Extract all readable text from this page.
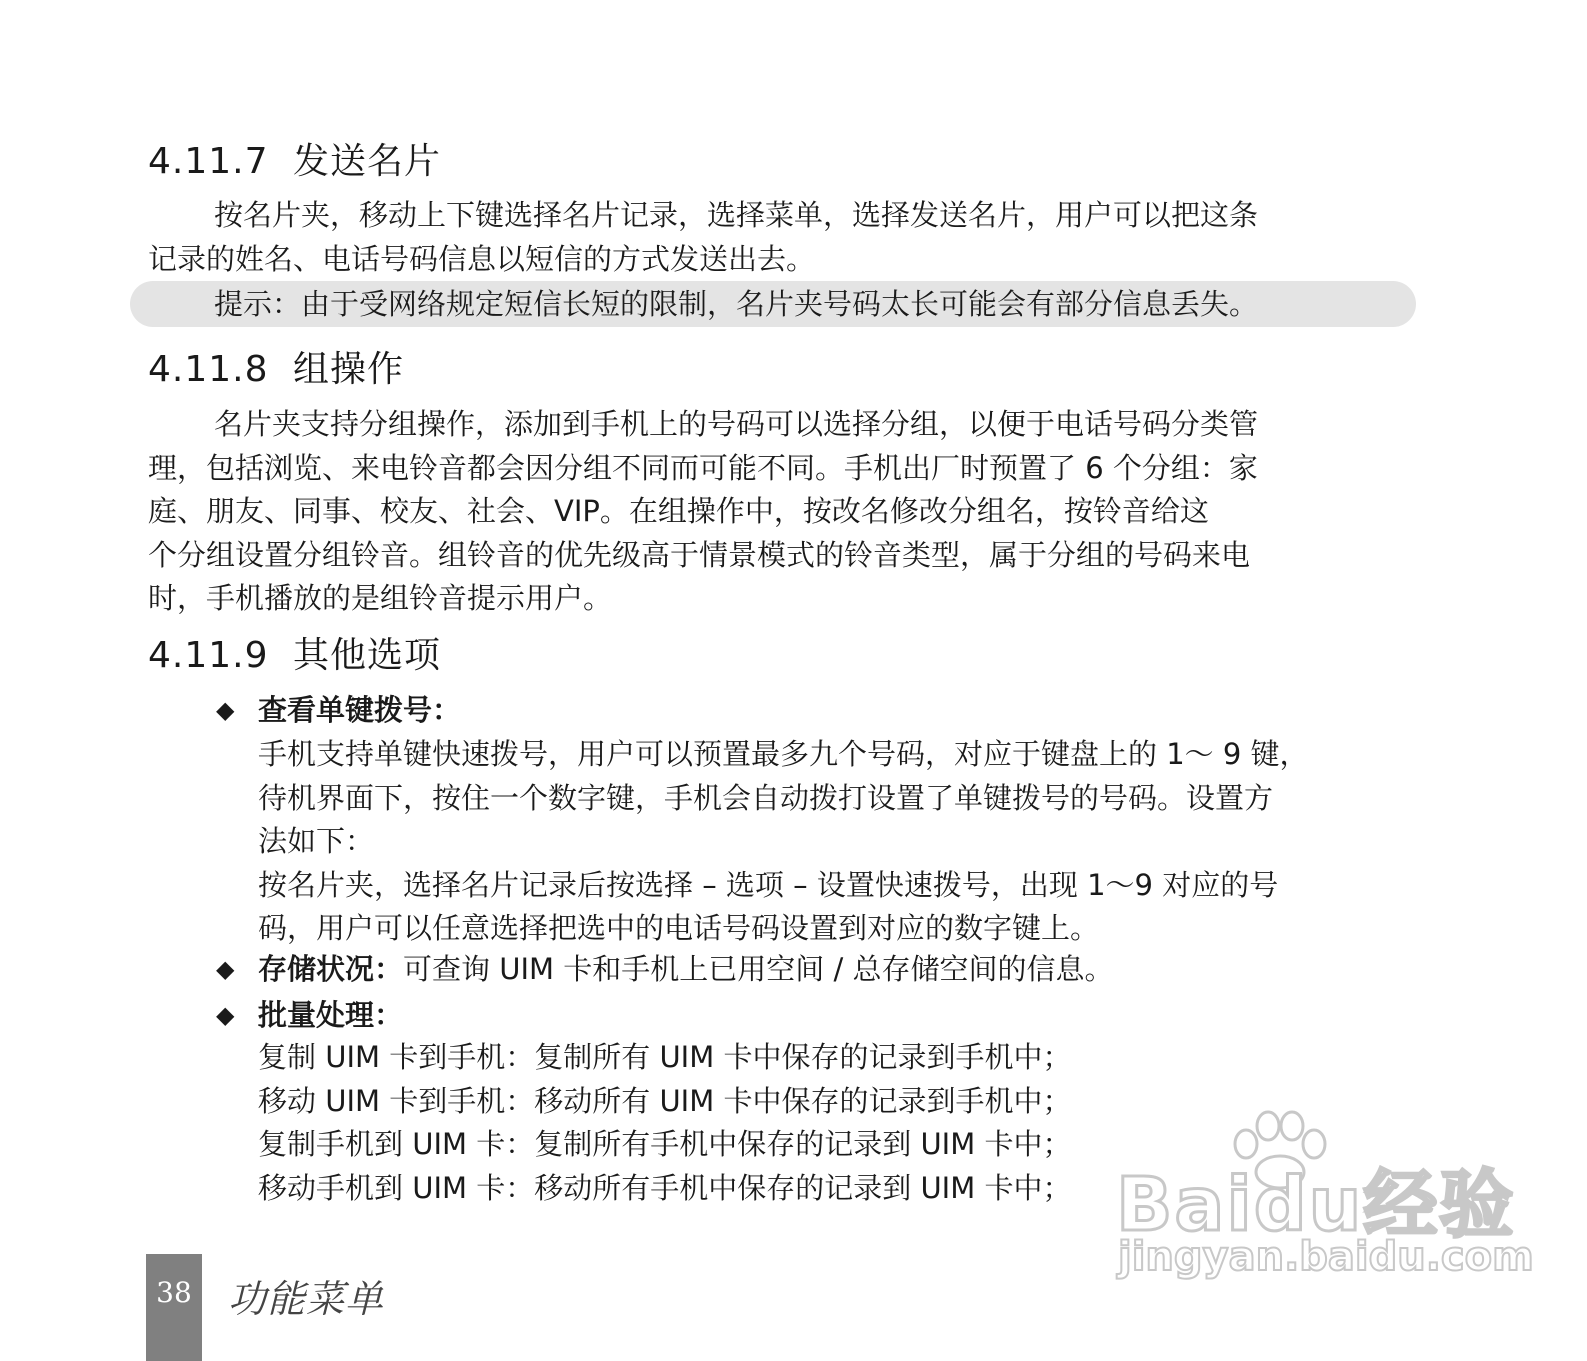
4.11.7 发送名片
按名片夹，移动上下键选择名片记录，选择菜单，选择发送名片，用户可以把这条
记录的姓名、电话号码信息以短信的方式发送出去。
提示：由于受网络规定短信长短的限制，名片夹号码太长可能会有部分信息丢失。
4.11.8 组操作
名片夹支持分组操作，添加到手机上的号码可以选择分组，以便于电话号码分类管
理，包括浏览、来电铃音都会因分组不同而可能不同。手机出厂时预置了 6 个分组：家
庭、朋友、同事、校友、社会、VIP。在组操作中，按改名修改分组名，按铃音给这
个分组设置分组铃音。组铃音的优先级高于情景模式的铃音类型，属于分组的号码来电
时，手机播放的是组铃音提示用户。
4.11.9 其他选项
◆ 查看单键拨号：
手机支持单键快速拨号，用户可以预置最多九个号码，对应于键盘上的 1～ 9 键，
待机界面下，按住一个数字键，手机会自动拨打设置了单键拨号的号码。设置方
法如下：
按名片夹，选择名片记录后按选择 – 选项 – 设置快速拨号，出现 1～9 对应的号
码，用户可以任意选择把选中的电话号码设置到对应的数字键上。
◆ 存储状况：可查询 UIM 卡和手机上已用空间 / 总存储空间的信息。
◆ 批量处理：
复制 UIM 卡到手机：复制所有 UIM 卡中保存的记录到手机中；
移动 UIM 卡到手机：移动所有 UIM 卡中保存的记录到手机中；
复制手机到 UIM 卡：复制所有手机中保存的记录到 UIM 卡中；
移动手机到 UIM 卡：移动所有手机中保存的记录到 UIM 卡中； Baidu经验
jingyan.baidu.com
38 功能菜单
